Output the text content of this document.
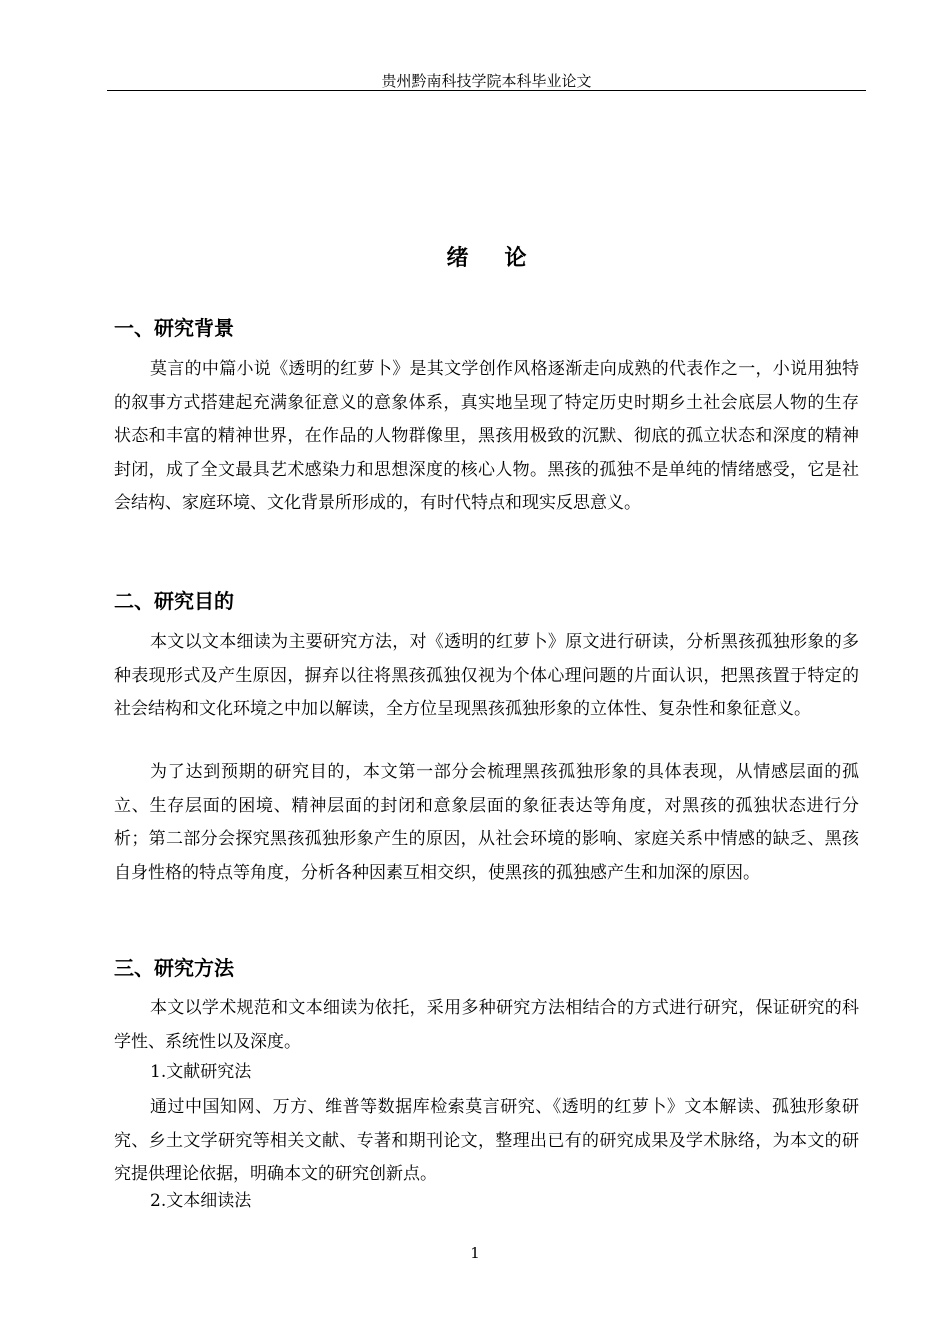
贵州黔南科技学院本科毕业论文
绪论
一、研究背景

莫言的中篇小说《透明的红萝卜》是其文学创作风格逐渐走向成熟的代表作之一，小说用独特的叙事方式搭建起充满象征意义的意象体系，真实地呈现了特定历史时期乡土社会底层人物的生存状态和丰富的精神世界，在作品的人物群像里，黑孩用极致的沉默、彻底的孤立状态和深度的精神封闭，成了全文最具艺术感染力和思想深度的核心人物。黑孩的孤独不是单纯的情绪感受，它是社会结构、家庭环境、文化背景所形成的，有时代特点和现实反思意义。

二、研究目的

本文以文本细读为主要研究方法，对《透明的红萝卜》原文进行研读，分析黑孩孤独形象的多种表现形式及产生原因，摒弃以往将黑孩孤独仅视为个体心理问题的片面认识，把黑孩置于特定的社会结构和文化环境之中加以解读，全方位呈现黑孩孤独形象的立体性、复杂性和象征意义。

为了达到预期的研究目的，本文第一部分会梳理黑孩孤独形象的具体表现，从情感层面的孤立、生存层面的困境、精神层面的封闭和意象层面的象征表达等角度，对黑孩的孤独状态进行分析；第二部分会探究黑孩孤独形象产生的原因，从社会环境的影响、家庭关系中情感的缺乏、黑孩自身性格的特点等角度，分析各种因素互相交织，使黑孩的孤独感产生和加深的原因。

三、研究方法

本文以学术规范和文本细读为依托，采用多种研究方法相结合的方式进行研究，保证研究的科学性、系统性以及深度。

1.文献研究法

通过中国知网、万方、维普等数据库检索莫言研究、《透明的红萝卜》文本解读、孤独形象研究、乡土文学研究等相关文献、专著和期刊论文，整理出已有的研究成果及学术脉络，为本文的研究提供理论依据，明确本文的研究创新点。

2.文本细读法
1
